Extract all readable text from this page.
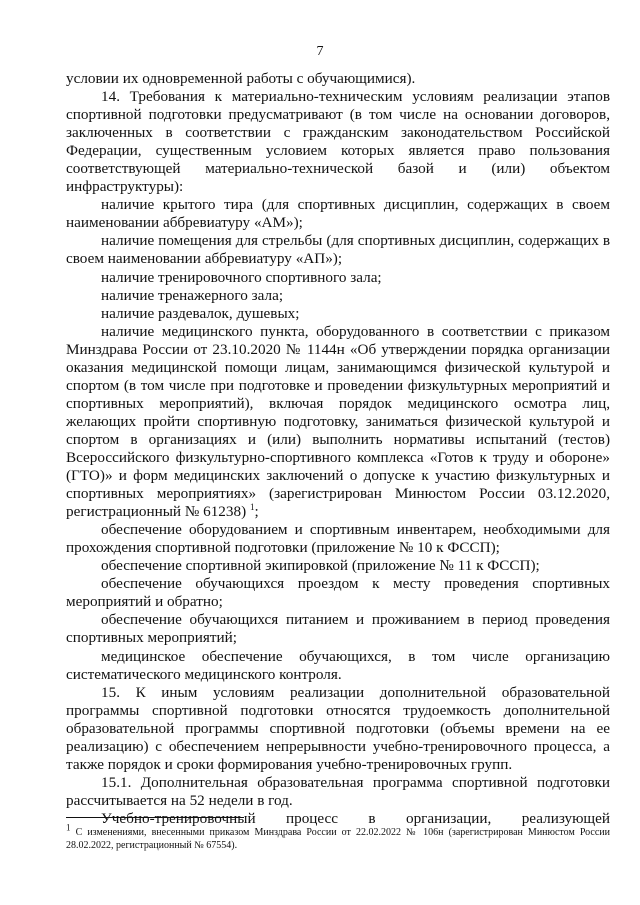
7

условии их одновременной работы с обучающимися).

14. Требования к материально-техническим условиям реализации этапов спортивной подготовки предусматривают (в том числе на основании договоров, заключенных в соответствии с гражданским законодательством Российской Федерации, существенным условием которых является право пользования соответствующей материально-технической базой и (или) объектом инфраструктуры):

наличие крытого тира (для спортивных дисциплин, содержащих в своем наименовании аббревиатуру «АМ»);

наличие помещения для стрельбы (для спортивных дисциплин, содержащих в своем наименовании аббревиатуру «АП»);

наличие тренировочного спортивного зала;

наличие тренажерного зала;

наличие раздевалок, душевых;

наличие медицинского пункта, оборудованного в соответствии с приказом Минздрава России от 23.10.2020 № 1144н «Об утверждении порядка организации оказания медицинской помощи лицам, занимающимся физической культурой и спортом (в том числе при подготовке и проведении физкультурных мероприятий и спортивных мероприятий), включая порядок медицинского осмотра лиц, желающих пройти спортивную подготовку, заниматься физической культурой и спортом в организациях и (или) выполнить нормативы испытаний (тестов) Всероссийского физкультурно-спортивного комплекса «Готов к труду и обороне» (ГТО)» и форм медицинских заключений о допуске к участию физкультурных и спортивных мероприятиях» (зарегистрирован Минюстом России 03.12.2020, регистрационный № 61238) $^1$;

обеспечение оборудованием и спортивным инвентарем, необходимыми для прохождения спортивной подготовки (приложение № 10 к ФССП);

обеспечение спортивной экипировкой (приложение № 11 к ФССП);

обеспечение обучающихся проездом к месту проведения спортивных мероприятий и обратно;

обеспечение обучающихся питанием и проживанием в период проведения спортивных мероприятий;

медицинское обеспечение обучающихся, в том числе организацию систематического медицинского контроля.

15. К иным условиям реализации дополнительной образовательной программы спортивной подготовки относятся трудоемкость дополнительной образовательной программы спортивной подготовки (объемы времени на ее реализацию) с обеспечением непрерывности учебно-тренировочного процесса, а также порядок и сроки формирования учебно-тренировочных групп.

15.1. Дополнительная образовательная программа спортивной подготовки рассчитывается на 52 недели в год.

Учебно-тренировочный процесс в организации, реализующей

$^1$ С изменениями, внесенными приказом Минздрава России от 22.02.2022 № 106н (зарегистрирован Минюстом России 28.02.2022, регистрационный № 67554).
